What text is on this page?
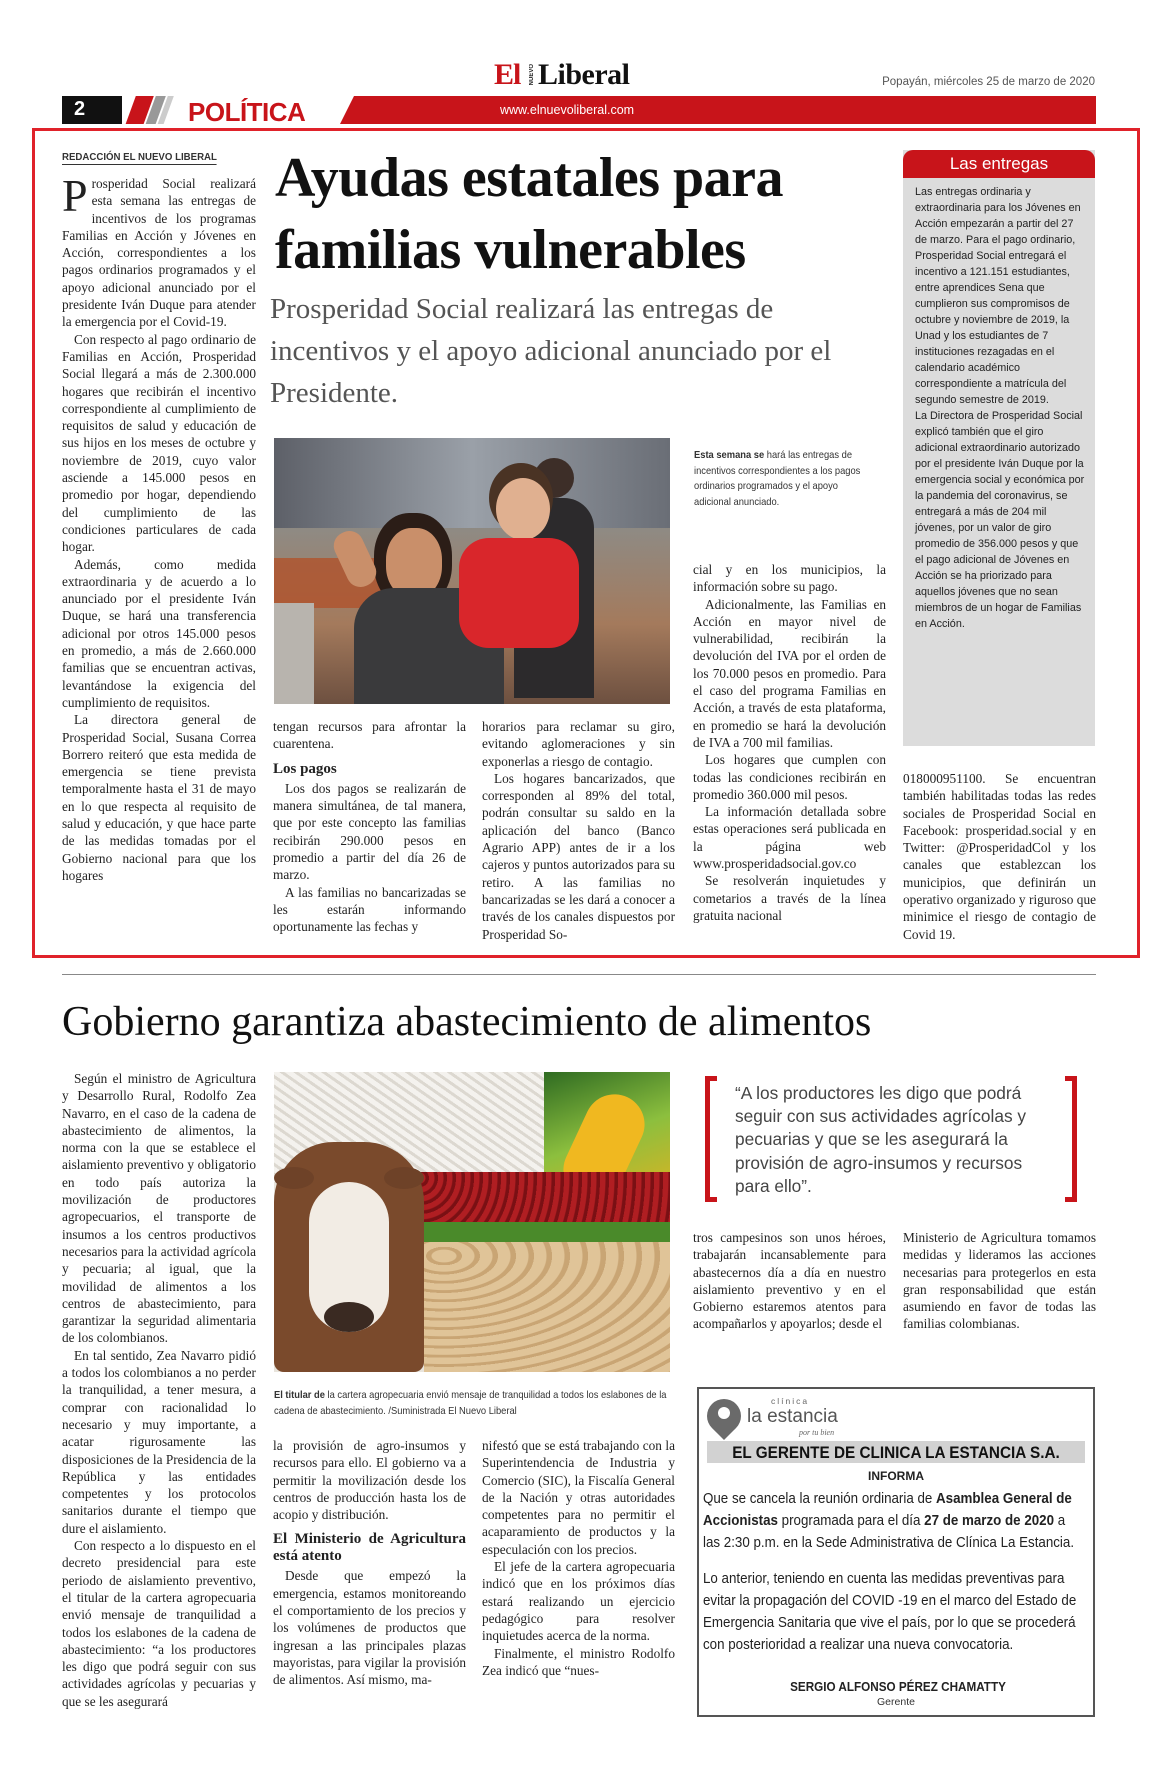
El NUEVO Liberal	Popayán, miércoles 25 de marzo de 2020
2	POLÍTICA	www.elnuevoliberal.com
REDACCIÓN EL NUEVO LIBERAL Ayudas estatales para
familias vulnerables
Prosperidad Social realizará las entregas de incentivos y el apoyo adicional anunciado por el Presidente.

Prosperidad Social realizará esta semana las entregas de incentivos de los programas Familias en Acción y Jóvenes en Acción, correspondientes a los pagos ordinarios programados y el apoyo adicional anunciado por el presidente Iván Duque para atender la emergencia por el Covid-19.

Con respecto al pago ordinario de Familias en Acción, Prosperidad Social llegará a más de 2.300.000 hogares que recibirán el incentivo correspondiente al cumplimiento de requisitos de salud y educación de sus hijos en los meses de octubre y noviembre de 2019, cuyo valor asciende a 145.000 pesos en promedio por hogar, dependiendo del cumplimiento de las condiciones particulares de cada hogar.

Además, como medida extraordinaria y de acuerdo a lo anunciado por el presidente Iván Duque, se hará una transferencia adicional por otros 145.000 pesos en promedio, a más de 2.660.000 familias que se encuentran activas, levantándose la exigencia del cumplimiento de requisitos.

La directora general de Prosperidad Social, Susana Correa Borrero reiteró que esta medida de emergencia se tiene prevista temporalmente hasta el 31 de mayo en lo que respecta al requisito de salud y educación, y que hace parte de las medidas tomadas por el Gobierno nacional para que los hogares

Esta semana se hará las entregas de incentivos correspondientes a los pagos ordinarios programados y el apoyo adicional anunciado.

tengan recursos para afrontar la cuarentena.

Los pagos

Los dos pagos se realizarán de manera simultánea, de tal manera, que por este concepto las familias recibirán 290.000 pesos en promedio a partir del día 26 de marzo.

A las familias no bancarizadas se les estarán informando oportunamente las fechas y

horarios para reclamar su giro, evitando aglomeraciones y sin exponerlas a riesgo de contagio.

Los hogares bancarizados, que corresponden al 89% del total, podrán consultar su saldo en la aplicación del banco (Banco Agrario APP) antes de ir a los cajeros y puntos autorizados para su retiro. A las familias no bancarizadas se les dará a conocer a través de los canales dispuestos por Prosperidad So-

cial y en los municipios, la información sobre su pago.

Adicionalmente, las Familias en Acción en mayor nivel de vulnerabilidad, recibirán la devolución del IVA por el orden de los 70.000 pesos en promedio. Para el caso del programa Familias en Acción, a través de esta plataforma, en promedio se hará la devolución de IVA a 700 mil familias.

Los hogares que cumplen con todas las condiciones recibirán en promedio 360.000 mil pesos.

La información detallada sobre estas operaciones será publicada en la página web www.prosperidadsocial.gov.co

Se resolverán inquietudes y cometarios a través de la línea gratuita nacional

018000951100. Se encuentran también habilitadas todas las redes sociales de Prosperidad Social en Facebook: prosperidad.social y en Twitter: @ProsperidadCol y los canales que establezcan los municipios, que definirán un operativo organizado y riguroso que minimice el riesgo de contagio de Covid 19.

Las entregas

Las entregas ordinaria y extraordinaria para los Jóvenes en Acción empezarán a partir del 27 de marzo. Para el pago ordinario, Prosperidad Social entregará el incentivo a 121.151 estudiantes, entre aprendices Sena que cumplieron sus compromisos de octubre y noviembre de 2019, la Unad y los estudiantes de 7 instituciones rezagadas en el calendario académico correspondiente a matrícula del segundo semestre de 2019.

La Directora de Prosperidad Social explicó también que el giro adicional extraordinario autorizado por el presidente Iván Duque por la emergencia social y económica por la pandemia del coronavirus, se entregará a más de 204 mil jóvenes, por un valor de giro promedio de 356.000 pesos y que el pago adicional de Jóvenes en Acción se ha priorizado para aquellos jóvenes que no sean miembros de un hogar de Familias en Acción.

Gobierno garantiza abastecimiento de alimentos

Según el ministro de Agricultura y Desarrollo Rural, Rodolfo Zea Navarro, en el caso de la cadena de abastecimiento de alimentos, la norma con la que se establece el aislamiento preventivo y obligatorio en todo país autoriza la movilización de productores agropecuarios, el transporte de insumos a los centros productivos necesarios para la actividad agrícola y pecuaria; al igual, que la movilidad de alimentos a los centros de abastecimiento, para garantizar la seguridad alimentaria de los colombianos.

En tal sentido, Zea Navarro pidió a todos los colombianos a no perder la tranquilidad, a tener mesura, a comprar con racionalidad lo necesario y muy importante, a acatar rigurosamente las disposiciones de la Presidencia de la República y las entidades competentes y los protocolos sanitarios durante el tiempo que dure el aislamiento.

Con respecto a lo dispuesto en el decreto presidencial para este periodo de aislamiento preventivo, el titular de la cartera agropecuaria envió mensaje de tranquilidad a todos los eslabones de la cadena de abastecimiento: “a los productores les digo que podrá seguir con sus actividades agrícolas y pecuarias y que se les asegurará

El titular de la cartera agropecuaria envió mensaje de tranquilidad a todos los eslabones de la cadena de abastecimiento. /Suministrada El Nuevo Liberal
“A los productores les digo que podrá seguir con sus actividades agrícolas y pecuarias y que se les asegurará la provisión de agro-insumos y recursos para ello”.

la provisión de agro-insumos y recursos para ello. El gobierno va a permitir la movilización desde los centros de producción hasta los de acopio y distribución.

El Ministerio de Agricultura está atento

Desde que empezó la emergencia, estamos monitoreando el comportamiento de los precios y los volúmenes de productos que ingresan a las principales plazas mayoristas, para vigilar la provisión de alimentos. Así mismo, ma-

nifestó que se está trabajando con la Superintendencia de Industria y Comercio (SIC), la Fiscalía General de la Nación y otras autoridades competentes para no permitir el acaparamiento de productos y la especulación con los precios.

El jefe de la cartera agropecuaria indicó que en los próximos días estará realizando un ejercicio pedagógico para resolver inquietudes acerca de la norma.

Finalmente, el ministro Rodolfo Zea indicó que “nues-

tros campesinos son unos héroes, trabajarán incansablemente para abastecernos día a día en nuestro aislamiento preventivo y en el Gobierno estaremos atentos para acompañarlos y apoyarlos; desde el

Ministerio de Agricultura tomamos medidas y lideramos las acciones necesarias para protegerlos en esta gran responsabilidad que están asumiendo en favor de todas las familias colombianas.

clínica
la estancia
por tu bien
EL GERENTE DE CLINICA LA ESTANCIA S.A.
INFORMA

Que se cancela la reunión ordinaria de Asamblea General de Accionistas programada para el día 27 de marzo de 2020 a las 2:30 p.m. en la Sede Administrativa de Clínica La Estancia.

Lo anterior, teniendo en cuenta las medidas preventivas para evitar la propagación del COVID -19 en el marco del Estado de Emergencia Sanitaria que vive el país, por lo que se procederá con posterioridad a realizar una nueva convocatoria.

SERGIO ALFONSO PÉREZ CHAMATTY
Gerente
